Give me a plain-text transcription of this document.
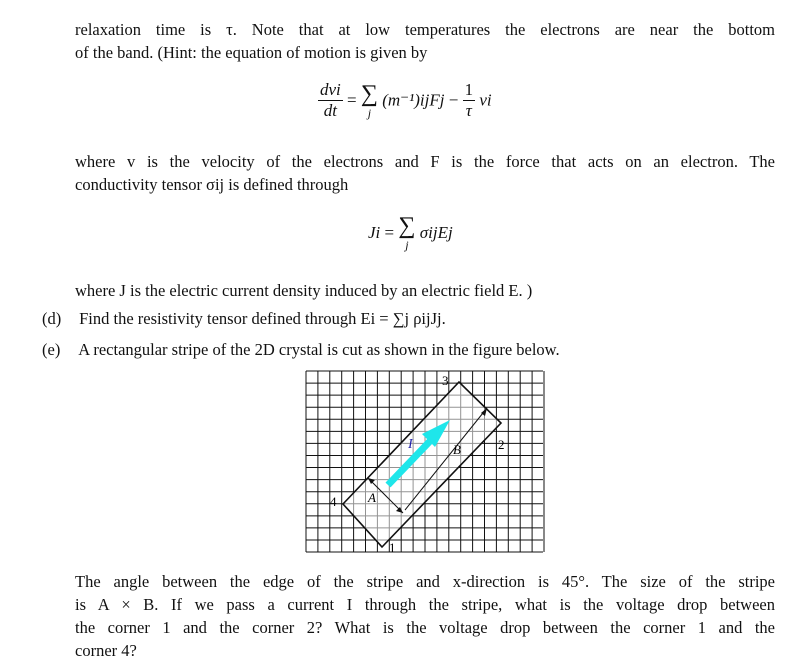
relaxation time is τ. Note that at low temperatures the electrons are near the bottom
of the band. (Hint: the equation of motion is given by
$\frac{\text{dvi}}{dt}$ = ∑
j
(m⁻¹)ijFj − $\frac{1}{\tau}$ vi
where v is the velocity of the electrons and F is the force that acts on an electron. The
conductivity tensor σij is defined through
Ji = ∑
j
σijEj
where J is the electric current density induced by an electric field E. )
(d) Find the resistivity tensor defined through Ei = ∑j ρijJj.
(e) A rectangular stripe of the 2D crystal is cut as shown in the figure below.
1
2
3
4 A
B
I
The angle between the edge of the stripe and x-direction is 45°. The size of the stripe
is A × B. If we pass a current I through the stripe, what is the voltage drop between
the corner 1 and the corner 2? What is the voltage drop between the corner 1 and the
corner 4?
